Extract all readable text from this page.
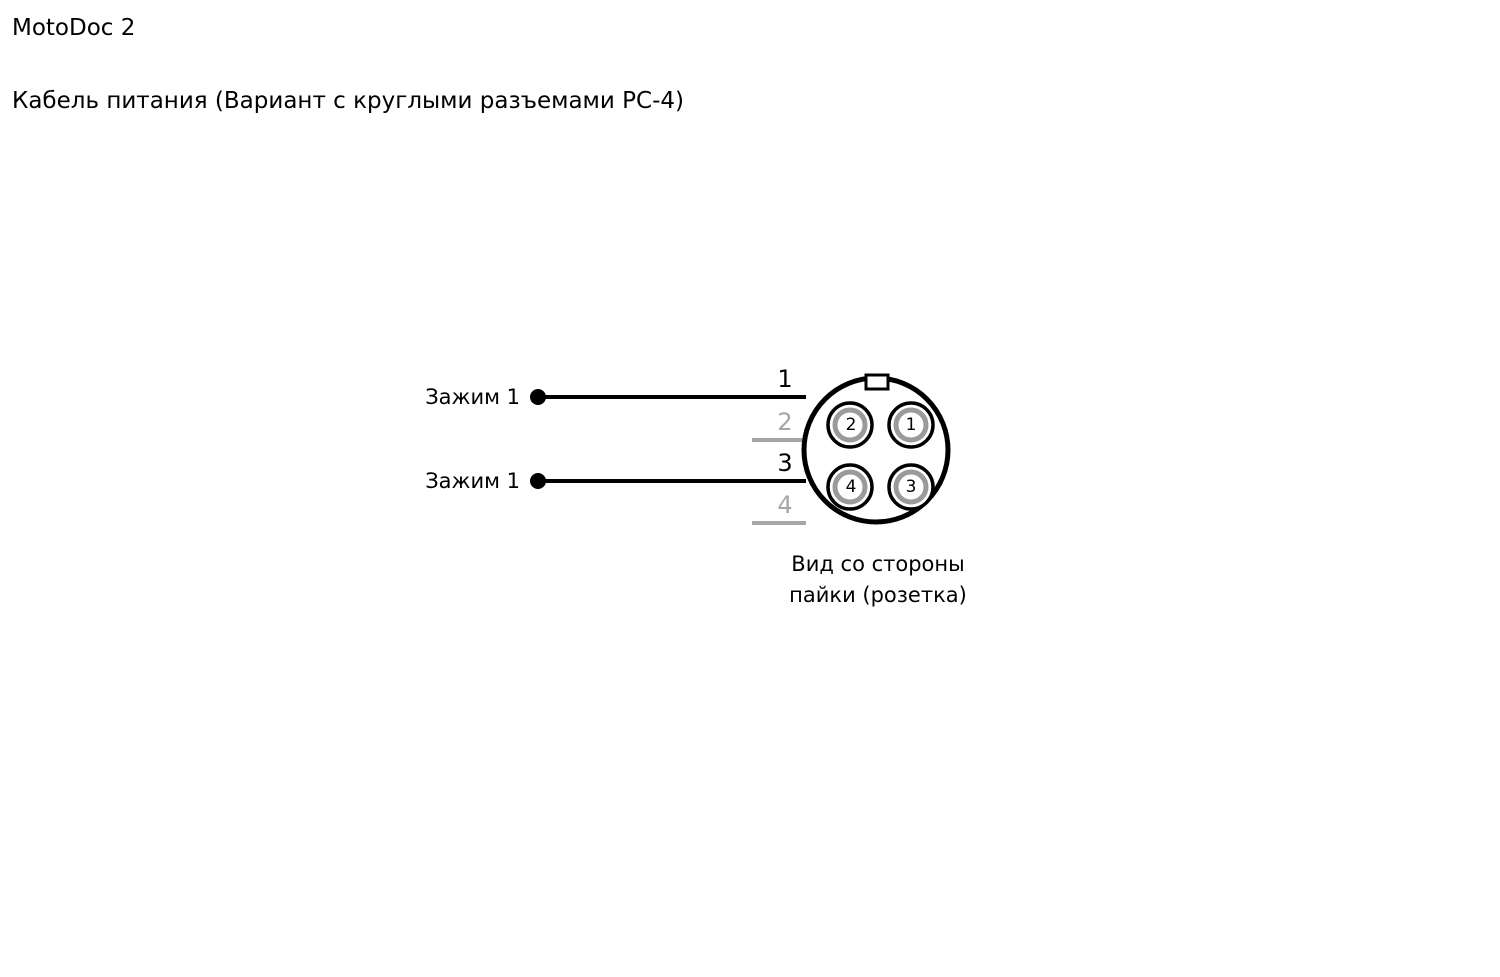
MotoDoc 2
Кабель питания (Вариант с круглыми разъемами РС-4)
Зажим 1
Зажим 1
1
2
3
4
1
2
3
4
Вид со стороны
пайки (розетка)
